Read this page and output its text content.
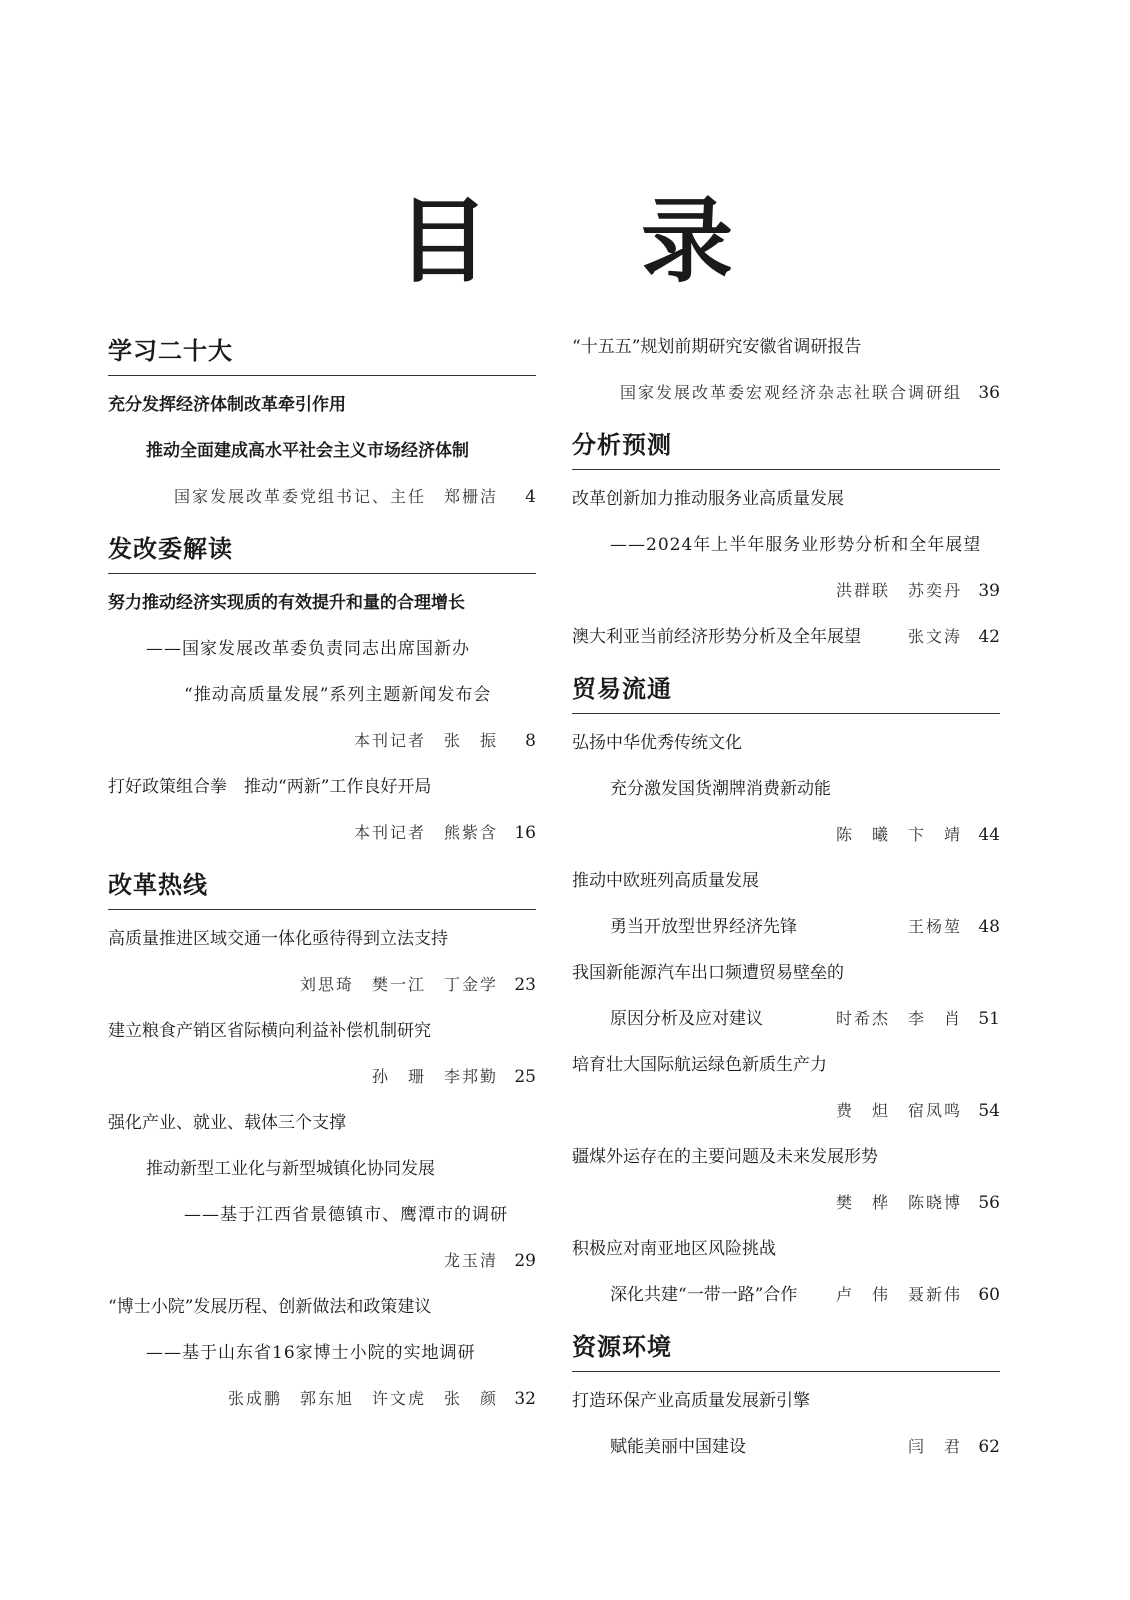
目 录
学习二十大
充分发挥经济体制改革牵引作用
推动全面建成高水平社会主义市场经济体制
国家发展改革委党组书记、主任　郑栅洁	4
发改委解读
努力推动经济实现质的有效提升和量的合理增长
——国家发展改革委负责同志出席国新办
“推动高质量发展”系列主题新闻发布会
本刊记者　张　振	8
打好政策组合拳　推动“两新”工作良好开局
本刊记者　熊紫含 16
改革热线
高质量推进区域交通一体化亟待得到立法支持
刘思琦　樊一江　丁金学 23
建立粮食产销区省际横向利益补偿机制研究
孙　珊　李邦勤 25
强化产业、就业、载体三个支撑
推动新型工业化与新型城镇化协同发展
——基于江西省景德镇市、鹰潭市的调研
龙玉清 29
“博士小院”发展历程、创新做法和政策建议
——基于山东省16家博士小院的实地调研
张成鹏　郭东旭　许文虎　张　颜 32
“十五五”规划前期研究安徽省调研报告
国家发展改革委宏观经济杂志社联合调研组 36
分析预测
改革创新加力推动服务业高质量发展
——2024年上半年服务业形势分析和全年展望
洪群联　苏奕丹 39
澳大利亚当前经济形势分析及全年展望	张文涛 42
贸易流通
弘扬中华优秀传统文化
充分激发国货潮牌消费新动能
陈　曦　卞　靖 44
推动中欧班列高质量发展
勇当开放型世界经济先锋	王杨堃 48
我国新能源汽车出口频遭贸易壁垒的
原因分析及应对建议	时希杰　李　肖 51
培育壮大国际航运绿色新质生产力
费　炟　宿凤鸣 54
疆煤外运存在的主要问题及未来发展形势
樊　桦　陈晓博 56
积极应对南亚地区风险挑战
深化共建“一带一路”合作 卢　伟　聂新伟 60
资源环境
打造环保产业高质量发展新引擎
赋能美丽中国建设	闫　君 62
